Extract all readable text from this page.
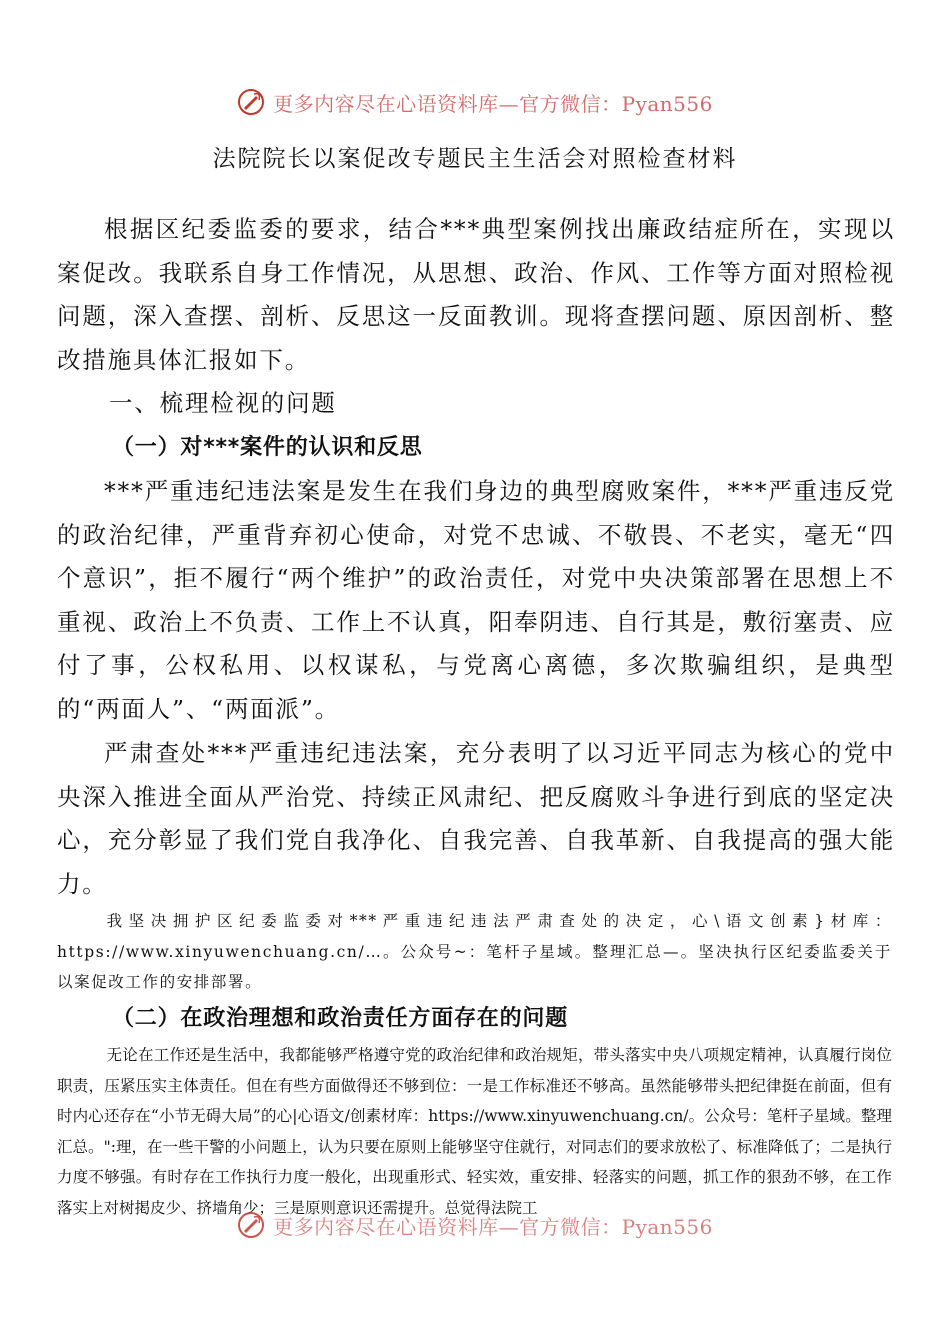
更多内容尽在心语资料库—官方微信：Pyan556
法院院长以案促改专题民主生活会对照检查材料

根据区纪委监委的要求，结合***典型案例找出廉政结症所在，实现以案促改。我联系自身工作情况，从思想、政治、作风、工作等方面对照检视问题，深入查摆、剖析、反思这一反面教训。现将查摆问题、原因剖析、整改措施具体汇报如下。

一、梳理检视的问题

（一）对***案件的认识和反思

***严重违纪违法案是发生在我们身边的典型腐败案件，***严重违反党的政治纪律，严重背弃初心使命，对党不忠诚、不敬畏、不老实，毫无“四个意识”，拒不履行“两个维护”的政治责任，对党中央决策部署在思想上不重视、政治上不负责、工作上不认真，阳奉阴违、自行其是，敷衍塞责、应付了事，公权私用、以权谋私，与党离心离德，多次欺骗组织，是典型的“两面人”、“两面派”。

严肃查处***严重违纪违法案，充分表明了以习近平同志为核心的党中央深入推进全面从严治党、持续正风肃纪、把反腐败斗争进行到底的坚定决心，充分彰显了我们党自我净化、自我完善、自我革新、自我提高的强大能力。

我坚决拥护区纪委监委对***严重违纪违法严肃查处的决定，心\语文创素}材库：https://www.xinyuwenchuang.cn/…。公众号~：笔杆子星域。整理汇总—。坚决执行区纪委监委关于以案促改工作的安排部署。

（二）在政治理想和政治责任方面存在的问题

无论在工作还是生活中，我都能够严格遵守党的政治纪律和政治规矩，带头落实中央八项规定精神，认真履行岗位职责，压紧压实主体责任。但在有些方面做得还不够到位：一是工作标准还不够高。虽然能够带头把纪律挺在前面，但有时内心还存在“小节无碍大局”的心|心语文/创素材库：https://www.xinyuwenchuang.cn/。公众号：笔杆子星域。整理汇总。":理，在一些干警的小问题上，认为只要在原则上能够坚守住就行，对同志们的要求放松了、标准降低了；二是执行力度不够强。有时存在工作执行力度一般化，出现重形式、轻实效，重安排、轻落实的问题，抓工作的狠劲不够，在工作落实上对树掲皮少、挤墙角少；三是原则意识还需提升。总觉得法院工

更多内容尽在心语资料库—官方微信：Pyan556
